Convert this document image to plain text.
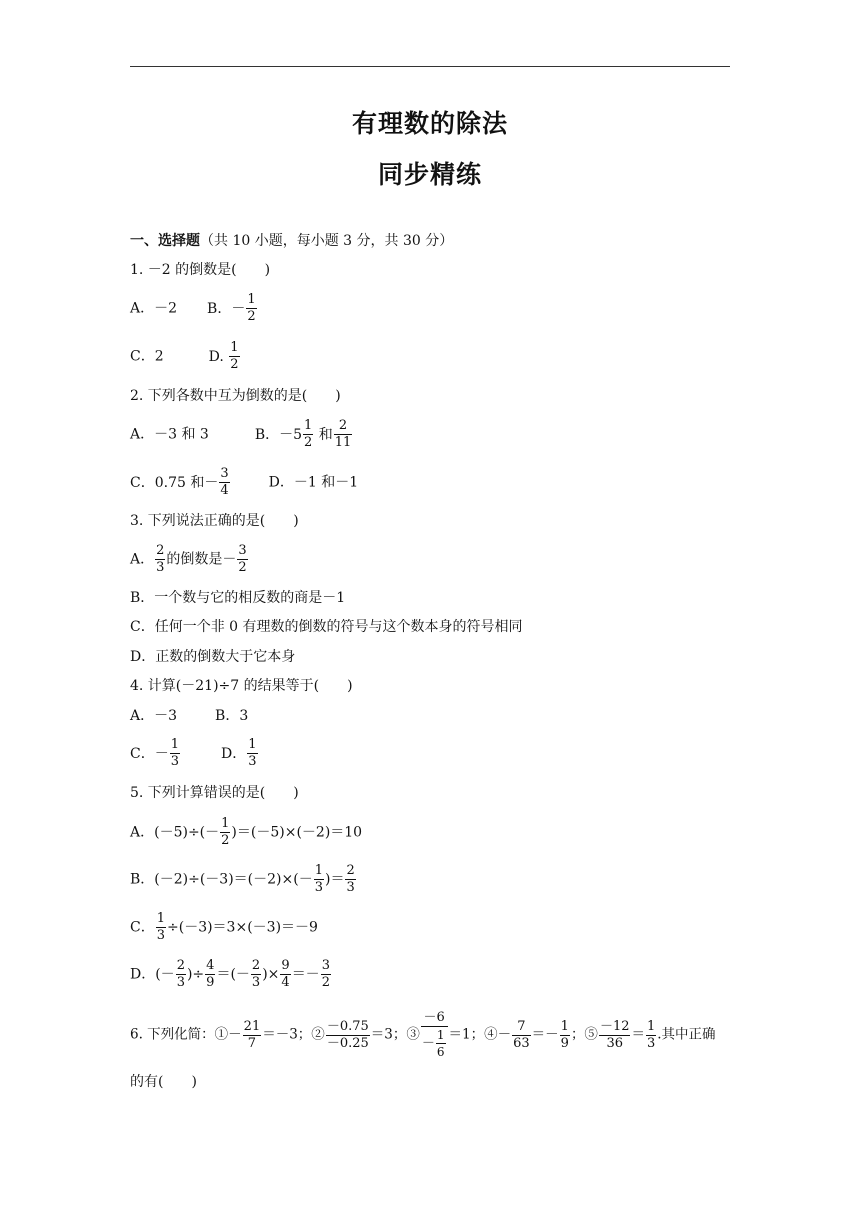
有理数的除法
同步精练
一、选择题（共 10 小题，每小题 3 分，共 30 分）
1. －2 的倒数是(　　)
A．－2 B．－ $\frac{1}{2}$
C．2	D. $\frac{1}{2}$
2. 下列各数中互为倒数的是(　　)
A．－3 和 3	B．$-5 \frac{1}{2}$ 和 $\frac{2}{11}$
C．0.75 和－ $\frac{3}{4}$	D．－1 和－1
3. 下列说法正确的是(　　)
A． $\frac{2}{3}$ 的倒数是－ $\frac{3}{2}$
B．一个数与它的相反数的商是－1
C．任何一个非 0 有理数的倒数的符号与这个数本身的符号相同
D．正数的倒数大于它本身
4. 计算(－21)÷7 的结果等于(　　)
A．－3	B．3
C．－ $\frac{1}{3}$	D． $\frac{1}{3}$
5. 下列计算错误的是(　　)
A．$(-5)\div(- \frac{1}{2} )=(-5)\times(-2)=10$
B．$(-2)\div(-3)=(-2)\times(- \frac{1}{3}$ )＝ $\frac{2}{3}$
C． $\frac{1}{3} \div(-3)=3\times(-3)=-9$
D．(－ $\frac{2}{3}$ )÷ $\frac{4}{9}$ ＝(－ $\frac{2}{3}$ )× $\frac{9}{4} =- \frac{3}{2}$
6. 下列化简：①－ $\frac{21}{7} =-3$；② $\frac{-0.75}{-0.25} =3$；③ $\frac{-6}{- \frac{1}{6}} =1$；④－ $\frac{7}{63} =- \frac{1}{9}$ ；⑤ $\frac{-12}{36} = \frac{1}{3}$ .其中正确
的有(　　)
